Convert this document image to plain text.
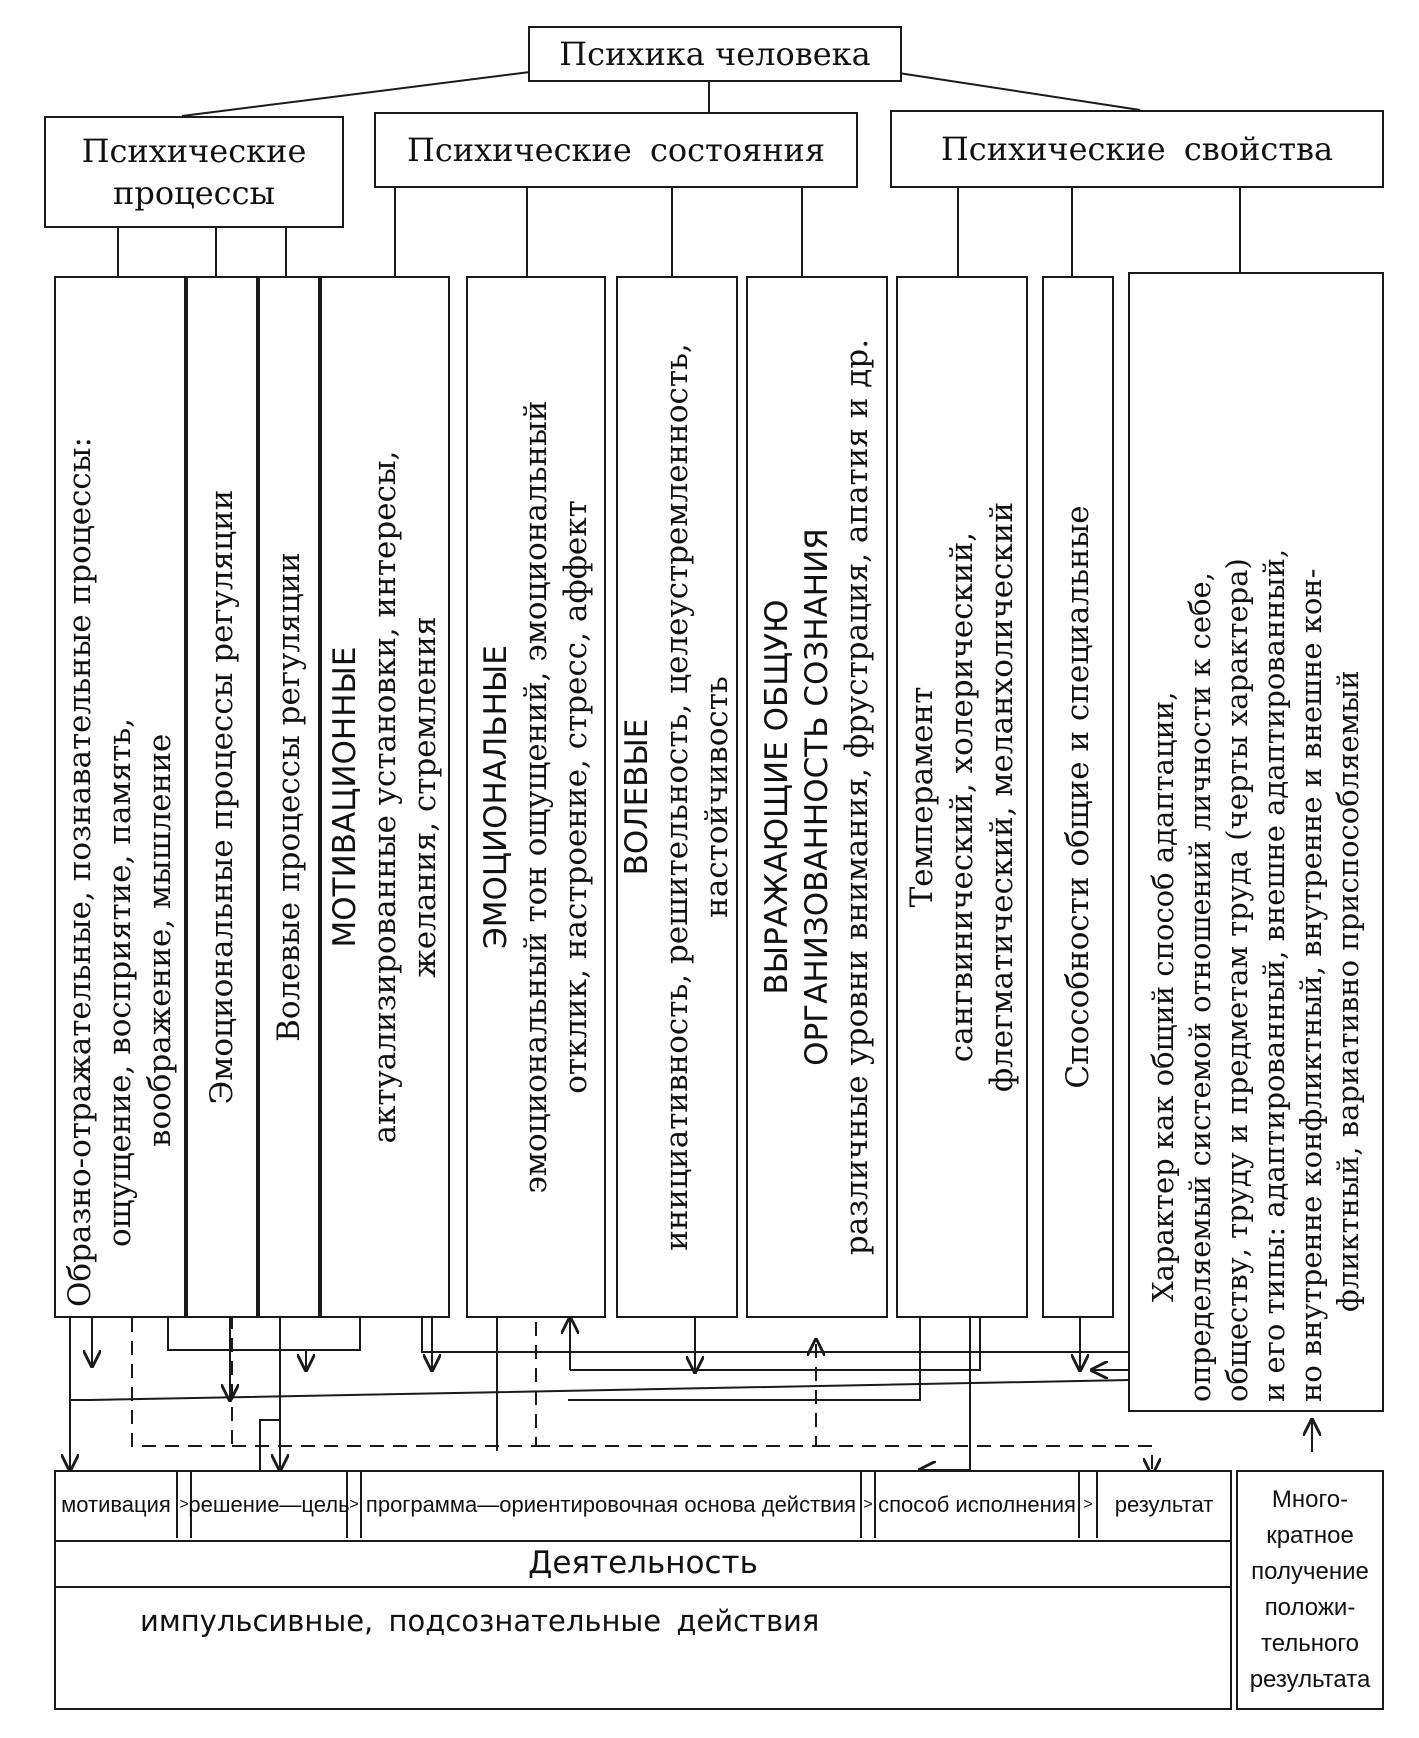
Психика человека
Психические
процессы
Психические состояния	Психические свойства
Образно-отражательные, познавательные процессы: ощущение, восприятие, память, воображение, мышление Эмоциональные процессы регуляции Волевые процессы регуляции МОТИВАЦИОННЫЕ актуализированные установки, интересы, желания, стремления ЭМОЦИОНАЛЬНЫЕ эмоциональный тон ощущений, эмоциональный отклик, настроение, стресс, аффект ВОЛЕВЫЕ инициативность, решительность, целеустремленность, настойчивость ВЫРАЖАЮЩИЕ ОБЩУЮ ОРГАНИЗОВАННОСТЬ СОЗНАНИЯ различные уровни внимания, фрустрация, апатия и др. Темперамент сангвинический, холерический, флегматический, меланхолический Способности общие и специальные Характер как общий способ адаптации, определяемый системой отношений личности к себе, обществу, труду и предметам труда (черты характера) и его типы: адаптированный, внешне адаптированный, но внутренне конфликтный, внутренне и внешне кон- фликтный, вариативно приспособляемый
мотивация > решение—цель > программа—ориентировочная основа действия > способ исполнения > результат
Деятельность
импульсивные, подсознательные действия
Много-
кратное
получение
положи-
тельного
результата
